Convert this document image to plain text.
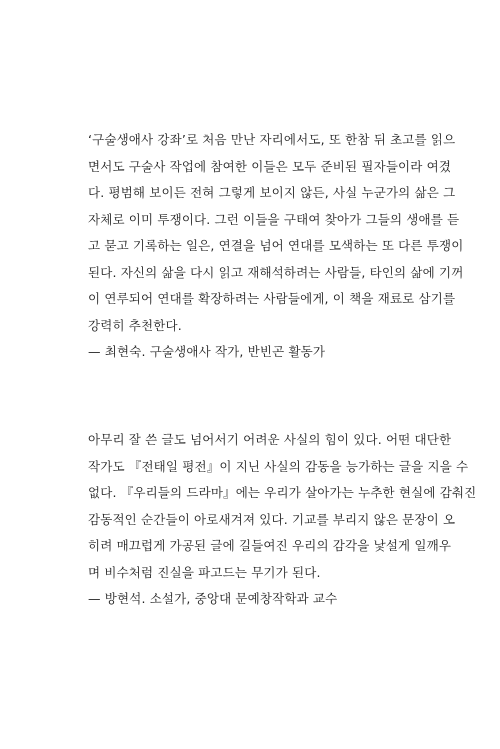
‘구술생애사 강좌’로 처음 만난 자리에서도, 또 한참 뒤 초고를 읽으
면서도 구술사 작업에 참여한 이들은 모두 준비된 필자들이라 여겼
다. 평범해 보이든 전혀 그렇게 보이지 않든, 사실 누군가의 삶은 그
자체로 이미 투쟁이다. 그런 이들을 구태여 찾아가 그들의 생애를 듣
고 묻고 기록하는 일은, 연결을 넘어 연대를 모색하는 또 다른 투쟁이
된다. 자신의 삶을 다시 읽고 재해석하려는 사람들, 타인의 삶에 기꺼
이 연루되어 연대를 확장하려는 사람들에게, 이 책을 재료로 삼기를
강력히 추천한다.
— 최현숙. 구술생애사 작가, 반빈곤 활동가
아무리 잘 쓴 글도 넘어서기 어려운 사실의 힘이 있다. 어떤 대단한
작가도 『전태일 평전』이 지닌 사실의 감동을 능가하는 글을 지을 수
없다. 『우리들의 드라마』에는 우리가 살아가는 누추한 현실에 감춰진
감동적인 순간들이 아로새겨져 있다. 기교를 부리지 않은 문장이 오
히려 매끄럽게 가공된 글에 길들여진 우리의 감각을 낯설게 일깨우
며 비수처럼 진실을 파고드는 무기가 된다.
— 방현석. 소설가, 중앙대 문예창작학과 교수
